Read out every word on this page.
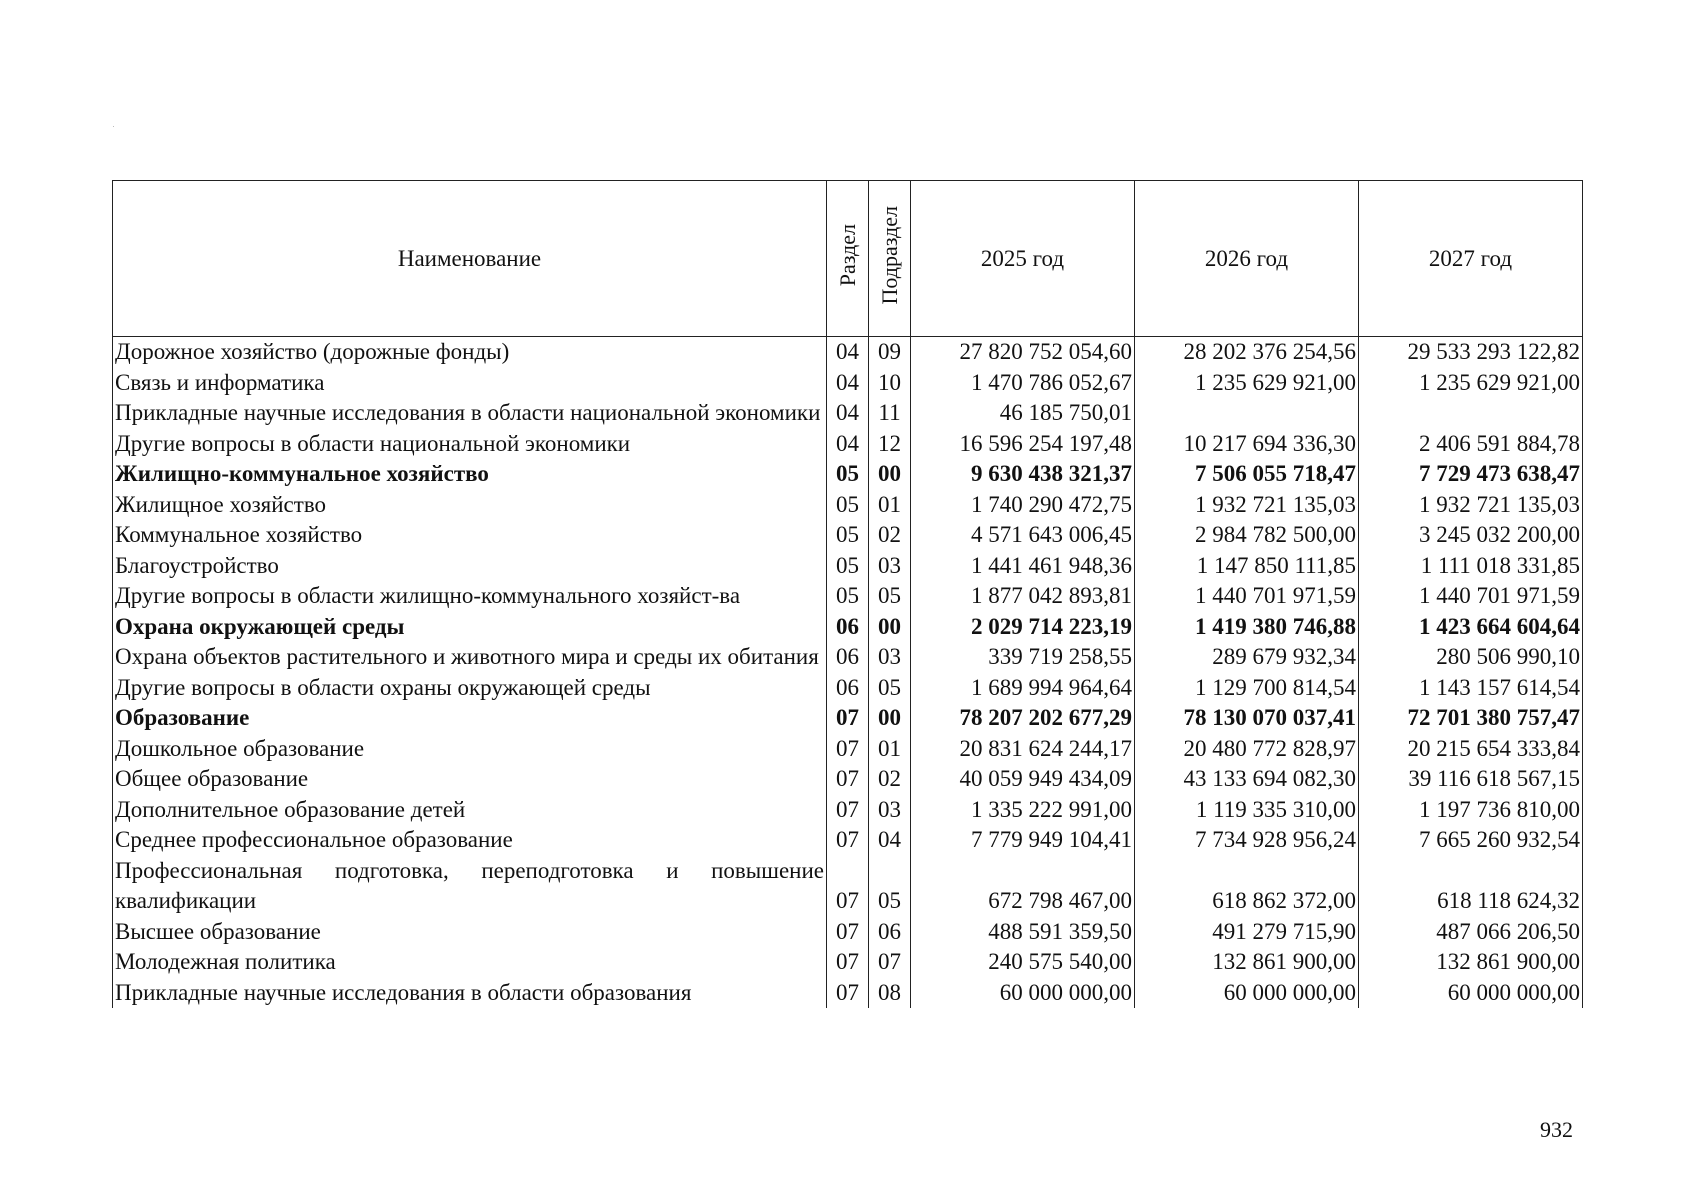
Наименование	Раздел	Подраздел	2025 год	2026 год	2027 год
Дорожное хозяйство (дорожные фонды)	04	09	27 820 752 054,60	28 202 376 254,56	29 533 293 122,82
Связь и информатика	04	10	1 470 786 052,67	1 235 629 921,00	1 235 629 921,00
Прикладные научные исследования в области национальной экономики	04	11	46 185 750,01		
Другие вопросы в области национальной экономики	04	12	16 596 254 197,48	10 217 694 336,30	2 406 591 884,78
Жилищно-коммунальное хозяйство	05	00	9 630 438 321,37	7 506 055 718,47	7 729 473 638,47
Жилищное хозяйство	05	01	1 740 290 472,75	1 932 721 135,03	1 932 721 135,03
Коммунальное хозяйство	05	02	4 571 643 006,45	2 984 782 500,00	3 245 032 200,00
Благоустройство	05	03	1 441 461 948,36	1 147 850 111,85	1 111 018 331,85
Другие вопросы в области жилищно-коммунального хозяйст-ва	05	05	1 877 042 893,81	1 440 701 971,59	1 440 701 971,59
Охрана окружающей среды	06	00	2 029 714 223,19	1 419 380 746,88	1 423 664 604,64
Охрана объектов растительного и животного мира и среды их обитания	06	03	339 719 258,55	289 679 932,34	280 506 990,10
Другие вопросы в области охраны окружающей среды	06	05	1 689 994 964,64	1 129 700 814,54	1 143 157 614,54
Образование	07	00	78 207 202 677,29	78 130 070 037,41	72 701 380 757,47
Дошкольное образование	07	01	20 831 624 244,17	20 480 772 828,97	20 215 654 333,84
Общее образование	07	02	40 059 949 434,09	43 133 694 082,30	39 116 618 567,15
Дополнительное образование детей	07	03	1 335 222 991,00	1 119 335 310,00	1 197 736 810,00
Среднее профессиональное образование	07	04	7 779 949 104,41	7 734 928 956,24	7 665 260 932,54
Профессиональная подготовка, переподготовка и повышение квалификации	07	05	672 798 467,00	618 862 372,00	618 118 624,32
Высшее образование	07	06	488 591 359,50	491 279 715,90	487 066 206,50
Молодежная политика	07	07	240 575 540,00	132 861 900,00	132 861 900,00
Прикладные научные исследования в области образования	07	08	60 000 000,00	60 000 000,00	60 000 000,00
932
